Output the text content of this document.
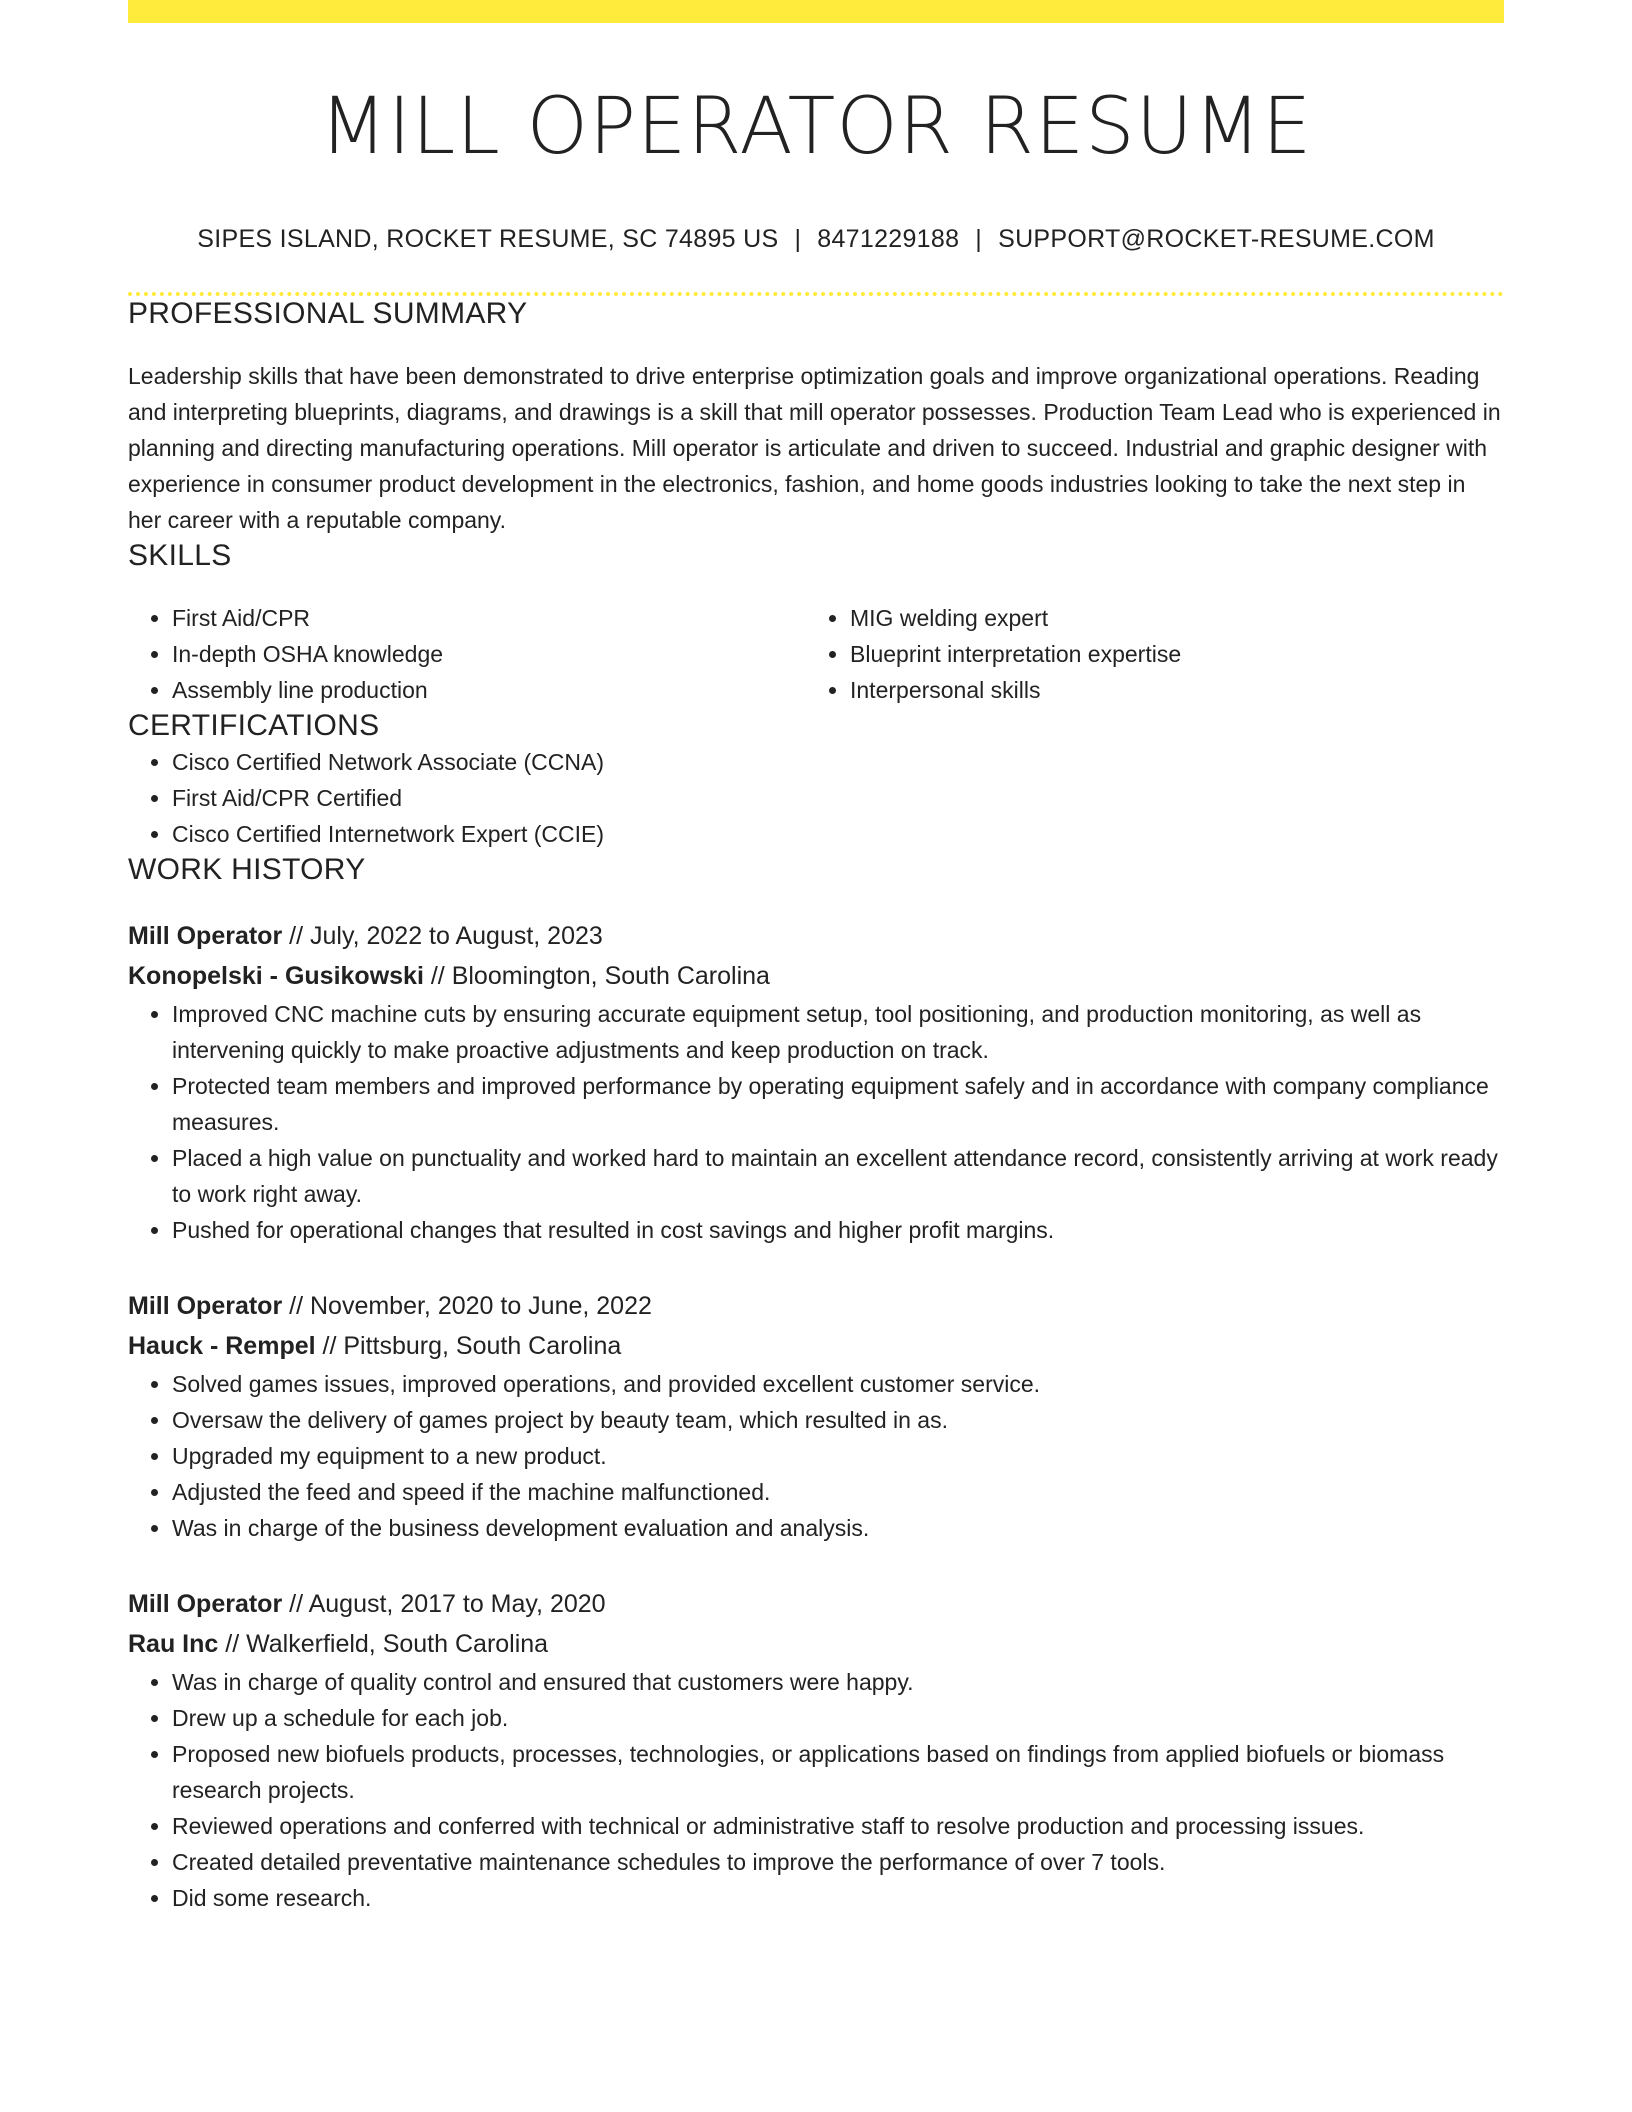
MILL OPERATOR RESUME
SIPES ISLAND, ROCKET RESUME, SC 74895 US | 8471229188 | SUPPORT@ROCKET-RESUME.COM
PROFESSIONAL SUMMARY
Leadership skills that have been demonstrated to drive enterprise optimization goals and improve organizational operations. Reading and interpreting blueprints, diagrams, and drawings is a skill that mill operator possesses. Production Team Lead who is experienced in planning and directing manufacturing operations. Mill operator is articulate and driven to succeed. Industrial and graphic designer with experience in consumer product development in the electronics, fashion, and home goods industries looking to take the next step in her career with a reputable company.
SKILLS
• First Aid/CPR
• In-depth OSHA knowledge
• Assembly line production
• MIG welding expert
• Blueprint interpretation expertise
• Interpersonal skills
CERTIFICATIONS
• Cisco Certified Network Associate (CCNA)
• First Aid/CPR Certified
• Cisco Certified Internetwork Expert (CCIE)
WORK HISTORY
Mill Operator // July, 2022 to August, 2023
Konopelski - Gusikowski // Bloomington, South Carolina
• Improved CNC machine cuts by ensuring accurate equipment setup, tool positioning, and production monitoring, as well as intervening quickly to make proactive adjustments and keep production on track.
• Protected team members and improved performance by operating equipment safely and in accordance with company compliance measures.
• Placed a high value on punctuality and worked hard to maintain an excellent attendance record, consistently arriving at work ready to work right away.
• Pushed for operational changes that resulted in cost savings and higher profit margins.
Mill Operator // November, 2020 to June, 2022
Hauck - Rempel // Pittsburg, South Carolina
• Solved games issues, improved operations, and provided excellent customer service.
• Oversaw the delivery of games project by beauty team, which resulted in as.
• Upgraded my equipment to a new product.
• Adjusted the feed and speed if the machine malfunctioned.
• Was in charge of the business development evaluation and analysis.
Mill Operator // August, 2017 to May, 2020
Rau Inc // Walkerfield, South Carolina
• Was in charge of quality control and ensured that customers were happy.
• Drew up a schedule for each job.
• Proposed new biofuels products, processes, technologies, or applications based on findings from applied biofuels or biomass research projects.
• Reviewed operations and conferred with technical or administrative staff to resolve production and processing issues.
• Created detailed preventative maintenance schedules to improve the performance of over 7 tools.
• Did some research.
